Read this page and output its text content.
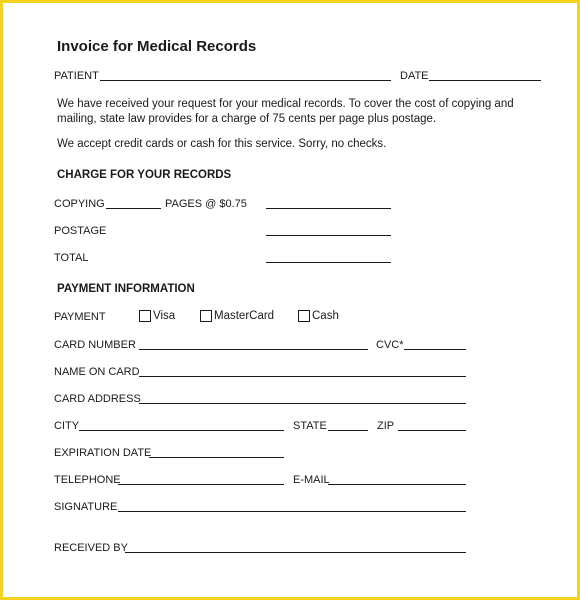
Invoice for Medical Records
PATIENT	DATE
We have received your request for your medical records. To cover the cost of copying and mailing, state law provides for a charge of 75 cents per page plus postage.
We accept credit cards or cash for this service. Sorry, no checks.
CHARGE FOR YOUR RECORDS
COPYING	PAGES @ $0.75
POSTAGE
TOTAL
PAYMENT INFORMATION
PAYMENT	Visa	MasterCard	Cash
CARD NUMBER	CVC*
NAME ON CARD
CARD ADDRESS
CITY	STATE	ZIP
EXPIRATION DATE
TELEPHONE	E-MAIL
SIGNATURE
RECEIVED BY
